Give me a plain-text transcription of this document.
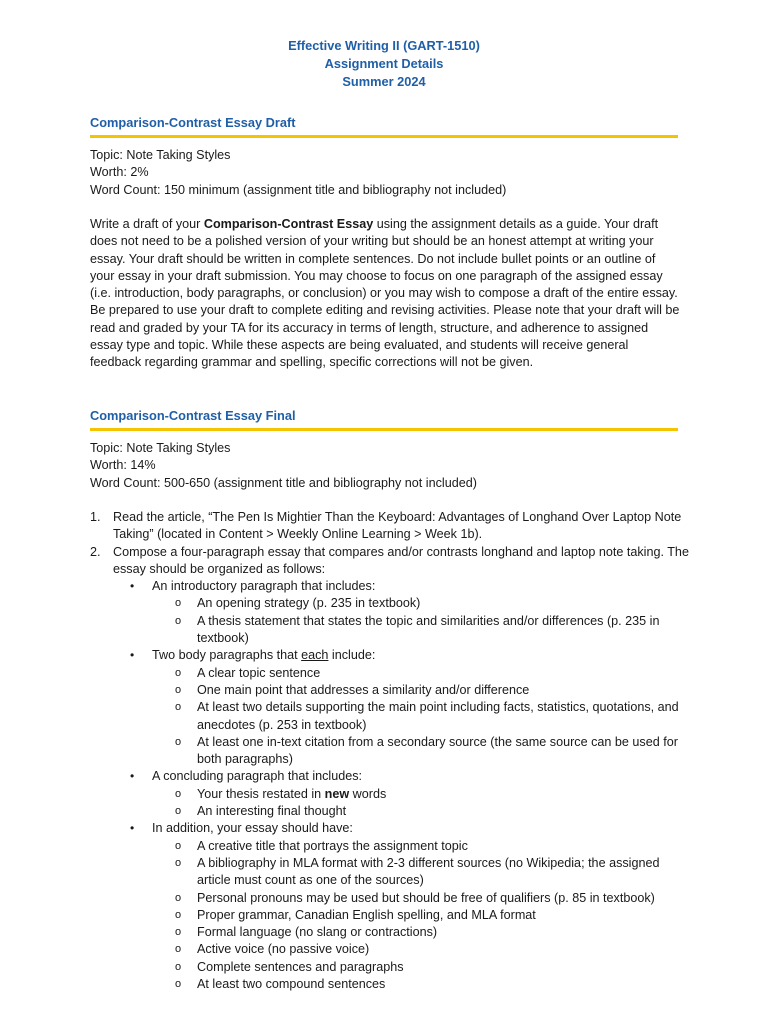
Effective Writing II (GART-1510)
Assignment Details
Summer 2024
Comparison-Contrast Essay Draft
Topic: Note Taking Styles
Worth: 2%
Word Count: 150 minimum (assignment title and bibliography not included)
Write a draft of your Comparison-Contrast Essay using the assignment details as a guide. Your draft does not need to be a polished version of your writing but should be an honest attempt at writing your essay. Your draft should be written in complete sentences. Do not include bullet points or an outline of your essay in your draft submission. You may choose to focus on one paragraph of the assigned essay (i.e. introduction, body paragraphs, or conclusion) or you may wish to compose a draft of the entire essay. Be prepared to use your draft to complete editing and revising activities. Please note that your draft will be read and graded by your TA for its accuracy in terms of length, structure, and adherence to assigned essay type and topic. While these aspects are being evaluated, and students will receive general feedback regarding grammar and spelling, specific corrections will not be given.
Comparison-Contrast Essay Final
Topic: Note Taking Styles
Worth: 14%
Word Count: 500-650 (assignment title and bibliography not included)
1. Read the article, “The Pen Is Mightier Than the Keyboard: Advantages of Longhand Over Laptop Note Taking” (located in Content > Weekly Online Learning > Week 1b).
2. Compose a four-paragraph essay that compares and/or contrasts longhand and laptop note taking. The essay should be organized as follows:
• An introductory paragraph that includes:
o An opening strategy (p. 235 in textbook)
o A thesis statement that states the topic and similarities and/or differences (p. 235 in textbook)
• Two body paragraphs that each include:
o A clear topic sentence
o One main point that addresses a similarity and/or difference
o At least two details supporting the main point including facts, statistics, quotations, and anecdotes (p. 253 in textbook)
o At least one in-text citation from a secondary source (the same source can be used for both paragraphs)
• A concluding paragraph that includes:
o Your thesis restated in new words
o An interesting final thought
• In addition, your essay should have:
o A creative title that portrays the assignment topic
o A bibliography in MLA format with 2-3 different sources (no Wikipedia; the assigned article must count as one of the sources)
o Personal pronouns may be used but should be free of qualifiers (p. 85 in textbook)
o Proper grammar, Canadian English spelling, and MLA format
o Formal language (no slang or contractions)
o Active voice (no passive voice)
o Complete sentences and paragraphs
o At least two compound sentences
